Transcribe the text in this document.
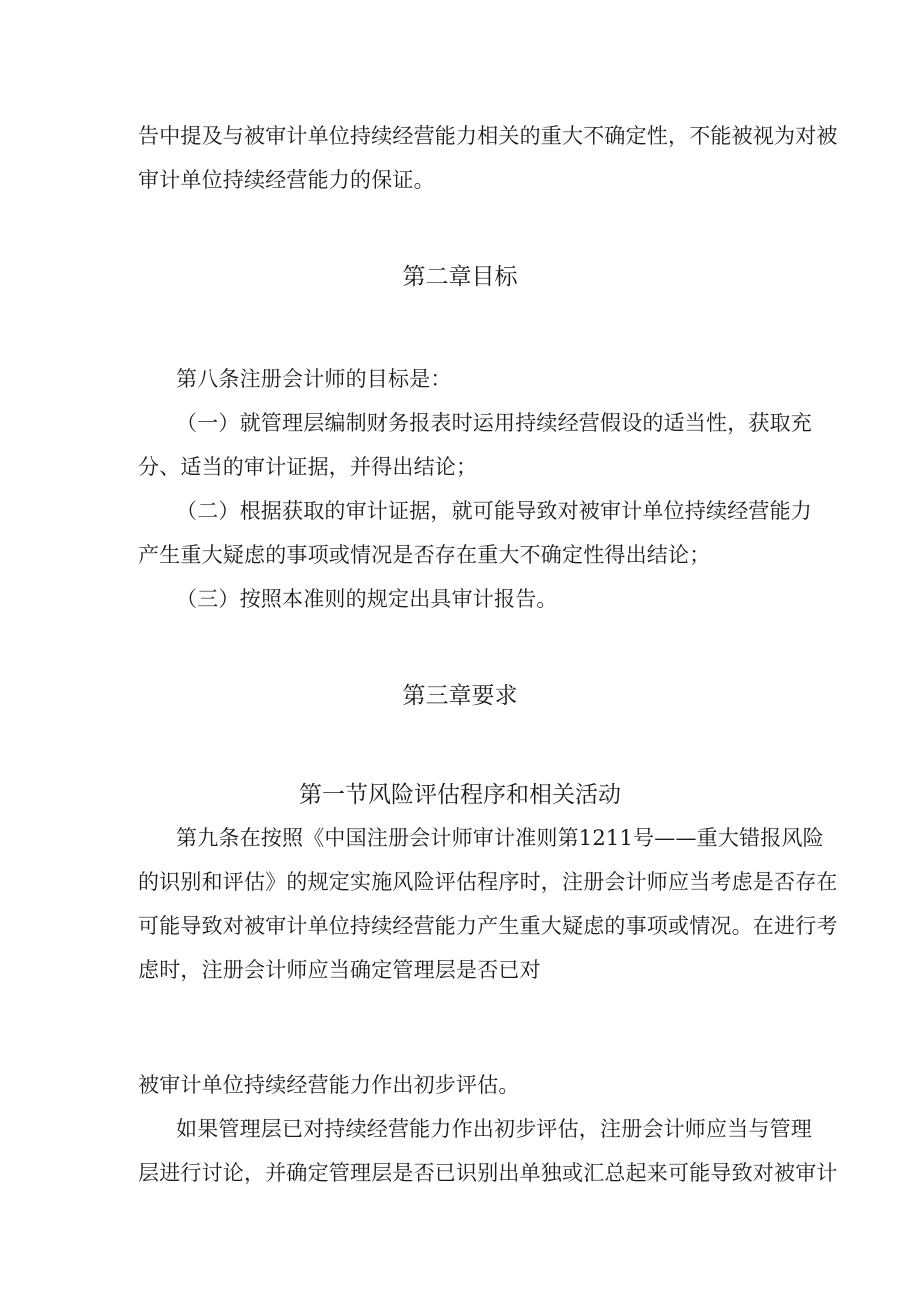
告中提及与被审计单位持续经营能力相关的重大不确定性，不能被视为对被
审计单位持续经营能力的保证。
第二章目标
第八条注册会计师的目标是：
（一）就管理层编制财务报表时运用持续经营假设的适当性，获取充
分、适当的审计证据，并得出结论；
（二）根据获取的审计证据，就可能导致对被审计单位持续经营能力
产生重大疑虑的事项或情况是否存在重大不确定性得出结论；
（三）按照本准则的规定出具审计报告。
第三章要求
第一节风险评估程序和相关活动
第九条在按照《中国注册会计师审计准则第1211号——重大错报风险
的识别和评估》的规定实施风险评估程序时，注册会计师应当考虑是否存在
可能导致对被审计单位持续经营能力产生重大疑虑的事项或情况。在进行考
虑时，注册会计师应当确定管理层是否已对
被审计单位持续经营能力作出初步评估。
如果管理层已对持续经营能力作出初步评估，注册会计师应当与管理
层进行讨论，并确定管理层是否已识别出单独或汇总起来可能导致对被审计
